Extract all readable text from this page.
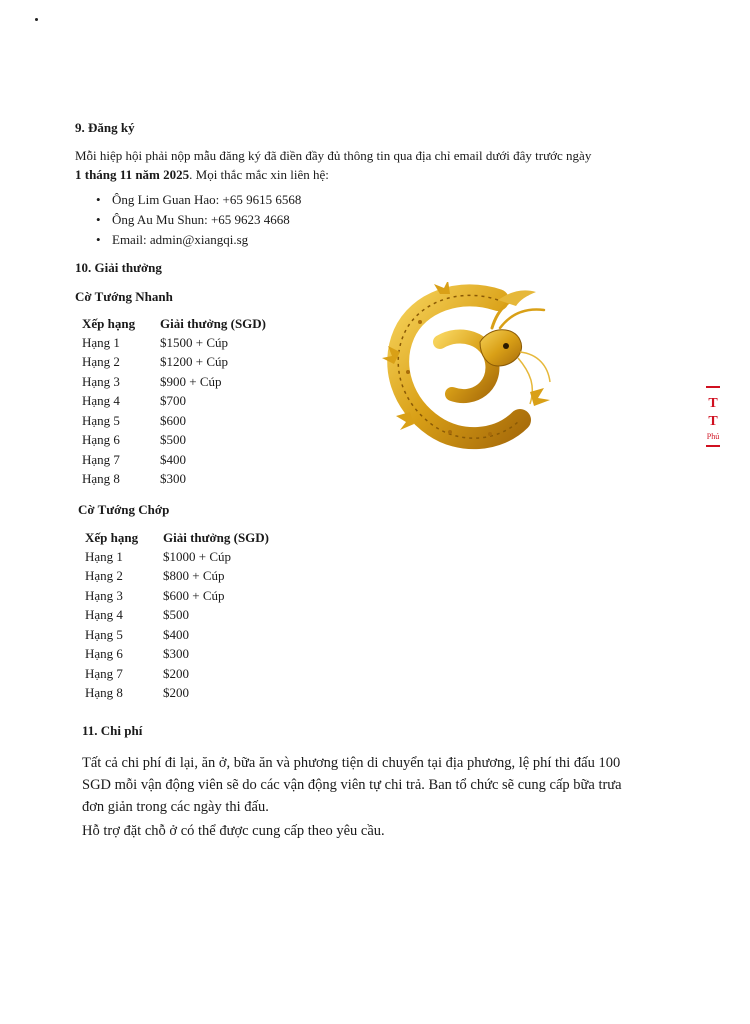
9. Đăng ký
Mỗi hiệp hội phải nộp mẫu đăng ký đã điền đầy đủ thông tin qua địa chỉ email dưới đây trước ngày
1 tháng 11 năm 2025. Mọi thắc mắc xin liên hệ:
• Ông Lim Guan Hao: +65 9615 6568
• Ông Au Mu Shun: +65 9623 4668
• Email: admin@xiangqi.sg
10. Giải thưởng
Cờ Tướng Nhanh
Xếp hạng	Giải thưởng (SGD)
Hạng 1	$1500 + Cúp
Hạng 2	$1200 + Cúp
Hạng 3	$900 + Cúp
Hạng 4	$700
Hạng 5	$600
Hạng 6	$500
Hạng 7	$400
Hạng 8	$300
Cờ Tướng Chớp
Xếp hạng	Giải thưởng (SGD)
Hạng 1	$1000 + Cúp
Hạng 2	$800 + Cúp
Hạng 3	$600 + Cúp
Hạng 4	$500
Hạng 5	$400
Hạng 6	$300
Hạng 7	$200
Hạng 8	$200
11. Chi phí
Tất cả chi phí đi lại, ăn ở, bữa ăn và phương tiện di chuyển tại địa phương, lệ phí thi đấu 100 SGD mỗi vận động viên sẽ do các vận động viên tự chi trả. Ban tổ chức sẽ cung cấp bữa trưa đơn giản trong các ngày thi đấu.
Hỗ trợ đặt chỗ ở có thể được cung cấp theo yêu cầu.
T
T
Phú
